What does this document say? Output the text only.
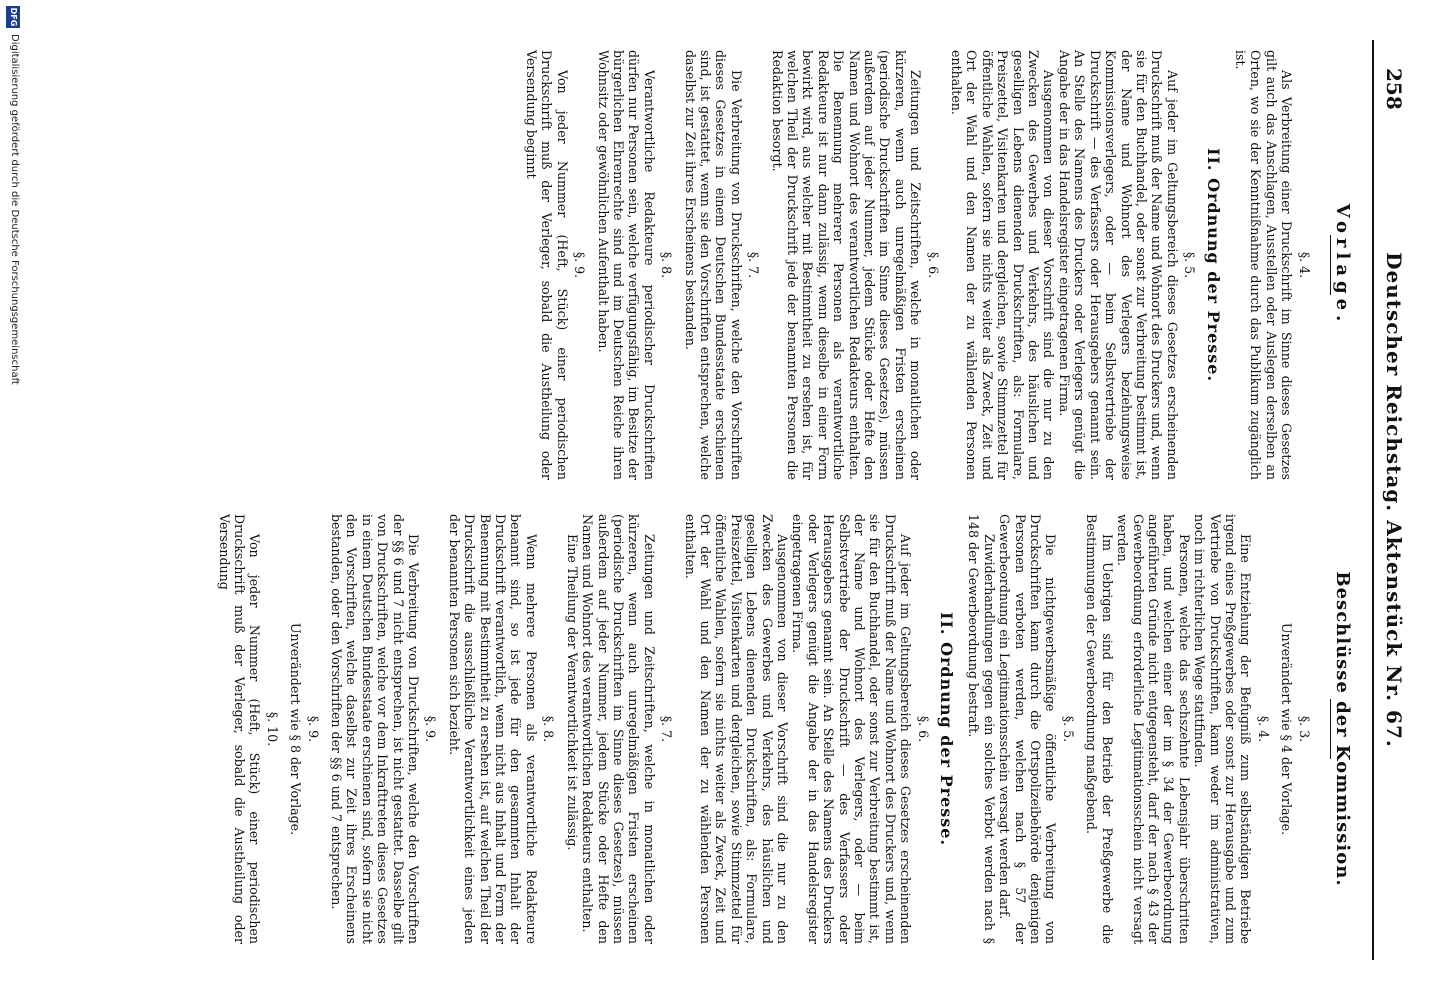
258
Deutscher Reichstag. Aktenstück Nr. 67.
Vorlage.
§. 4.

Als Verbreitung einer Druckschrift im Sinne dieses Gesetzes gilt auch das Anschlagen, Ausstellen oder Auslegen derselben an Orten, wo sie der Kenntnißnahme durch das Publikum zugänglich ist.

II. Ordnung der Presse.
§. 5.

Auf jeder im Geltungsbereich dieses Gesetzes erscheinenden Druckschrift muß der Name und Wohnort des Druckers und, wenn sie für den Buchhandel, oder sonst zur Verbreitung bestimmt ist, der Name und Wohnort des Verlegers beziehungsweise Kommissionsverlegers, oder — beim Selbstvertriebe der Druckschrift — des Verfassers oder Herausgebers genannt sein. An Stelle des Namens des Druckers oder Verlegers genügt die Angabe der in das Handelsregister eingetragenen Firma.

Ausgenommen von dieser Vorschrift sind die nur zu den Zwecken des Gewerbes und Verkehrs, des häuslichen und geselligen Lebens dienenden Druckschriften, als: Formulare, Preiszettel, Visitenkarten und dergleichen, sowie Stimmzettel für öffentliche Wahlen, sofern sie nichts weiter als Zweck, Zeit und Ort der Wahl und den Namen der zu wählenden Personen enthalten.

§. 6.

Zeitungen und Zeitschriften, welche in monatlichen oder kürzeren, wenn auch unregelmäßigen Fristen erscheinen (periodische Druckschriften im Sinne dieses Gesetzes), müssen außerdem auf jeder Nummer, jedem Stücke oder Hefte den Namen und Wohnort des verantwortlichen Redakteurs enthalten. Die Benennung mehrerer Personen als verantwortliche Redakteure ist nur dann zulässig, wenn dieselbe in einer Form bewirkt wird, aus welcher mit Bestimmtheit zu ersehen ist, für welchen Theil der Druckschrift jede der benannten Personen die Redaktion besorgt.

§. 7.

Die Verbreitung von Druckschriften, welche den Vorschriften dieses Gesetzes in einem Deutschen Bundesstaate erschienen sind, ist gestattet, wenn sie den Vorschriften entsprechen, welche daselbst zur Zeit ihres Erscheinens bestanden.

§. 8.

Verantwortliche Redakteure periodischer Druckschriften dürfen nur Personen sein, welche verfügungsfähig, im Besitze der bürgerlichen Ehrenrechte sind und im Deutschen Reiche ihren Wohnsitz oder gewöhnlichen Aufenthalt haben.

§. 9.

Von jeder Nummer (Heft, Stück) einer periodischen Druckschrift muß der Verleger, sobald die Austheilung oder Versendung beginnt

Beschlüsse der Kommission.
§. 3.
Unverändert wie § 4 der Vorlage.
§. 4.

Eine Entziehung der Befugniß zum selbständigen Betriebe irgend eines Preßgewerbes oder sonst zur Herausgabe und zum Vertriebe von Druckschriften, kann weder im administrativen, noch im richterlichen Wege stattfinden.

Personen, welche das sechszehnte Lebensjahr überschritten haben, und welchen einer der im § 34 der Gewerbeordnung angeführten Gründe nicht entgegensteht, darf der nach § 43 der Gewerbeordnung erforderliche Legitimationsschein nicht versagt werden.

Im Uebrigen sind für den Betrieb der Preßgewerbe die Bestimmungen der Gewerbeordnung maßgebend.

§. 5.

Die nichtgewerbsmäßige öffentliche Verbreitung von Druckschriften kann durch die Ortspolizeibehörde denjenigen Personen verboten werden, welchen nach § 57 der Gewerbeordnung ein Legitimationsschein versagt werden darf.

Zuwiderhandlungen gegen ein solches Verbot werden nach § 148 der Gewerbeordnung bestraft.

II. Ordnung der Presse.
§. 6.

Auf jeder im Geltungsbereich dieses Gesetzes erscheinenden Druckschrift muß der Name und Wohnort des Druckers und, wenn sie für den Buchhandel, oder sonst zur Verbreitung bestimmt ist, der Name und Wohnort des Verlegers, oder — beim Selbstvertriebe der Druckschrift — des Verfassers oder Herausgebers genannt sein. An Stelle des Namens des Druckers oder Verlegers genügt die Angabe der in das Handelsregister eingetragenen Firma.

Ausgenommen von dieser Vorschrift sind die nur zu den Zwecken des Gewerbes und Verkehrs, des häuslichen und geselligen Lebens dienenden Druckschriften, als: Formulare, Preiszettel, Visitenkarten und dergleichen, sowie Stimmzettel für öffentliche Wahlen, sofern sie nichts weiter als Zweck, Zeit und Ort der Wahl und den Namen der zu wählenden Personen enthalten.

§. 7.

Zeitungen und Zeitschriften, welche in monatlichen oder kürzeren, wenn auch unregelmäßigen Fristen erscheinen (periodische Druckschriften im Sinne dieses Gesetzes), müssen außerdem auf jeder Nummer, jedem Stücke oder Hefte den Namen und Wohnort des verantwortlichen Redakteurs enthalten.

Eine Theilung der Verantwortlichkeit ist zulässig.

§. 8.

Wenn mehrere Personen als verantwortliche Redakteure benannt sind, so ist jede für den gesammten Inhalt der Druckschrift verantwortlich, wenn nicht aus Inhalt und Form der Benennung mit Bestimmtheit zu ersehen ist, auf welchen Theil der Druckschrift die ausschließliche Verantwortlichkeit eines jeden der benannten Personen sich bezieht.

§. 9.

Die Verbreitung von Druckschriften, welche den Vorschriften der §§ 6 und 7 nicht entsprechen, ist nicht gestattet. Dasselbe gilt von Druckschriften, welche vor dem Inkrafttreten dieses Gesetzes in einem Deutschen Bundesstaate erschienen sind, sofern sie nicht den Vorschriften, welche daselbst zur Zeit ihres Erscheinens bestanden, oder den Vorschriften der §§ 6 und 7 entsprechen.

§. 9.
Unverändert wie § 8 der Vorlage.
§. 10.

Von jeder Nummer (Heft, Stück) einer periodischen Druckschrift muß der Verleger, sobald die Austheilung oder Versendung

DFG
Digitalisierung gefördert durch die Deutsche Forschungsgemeinschaft
